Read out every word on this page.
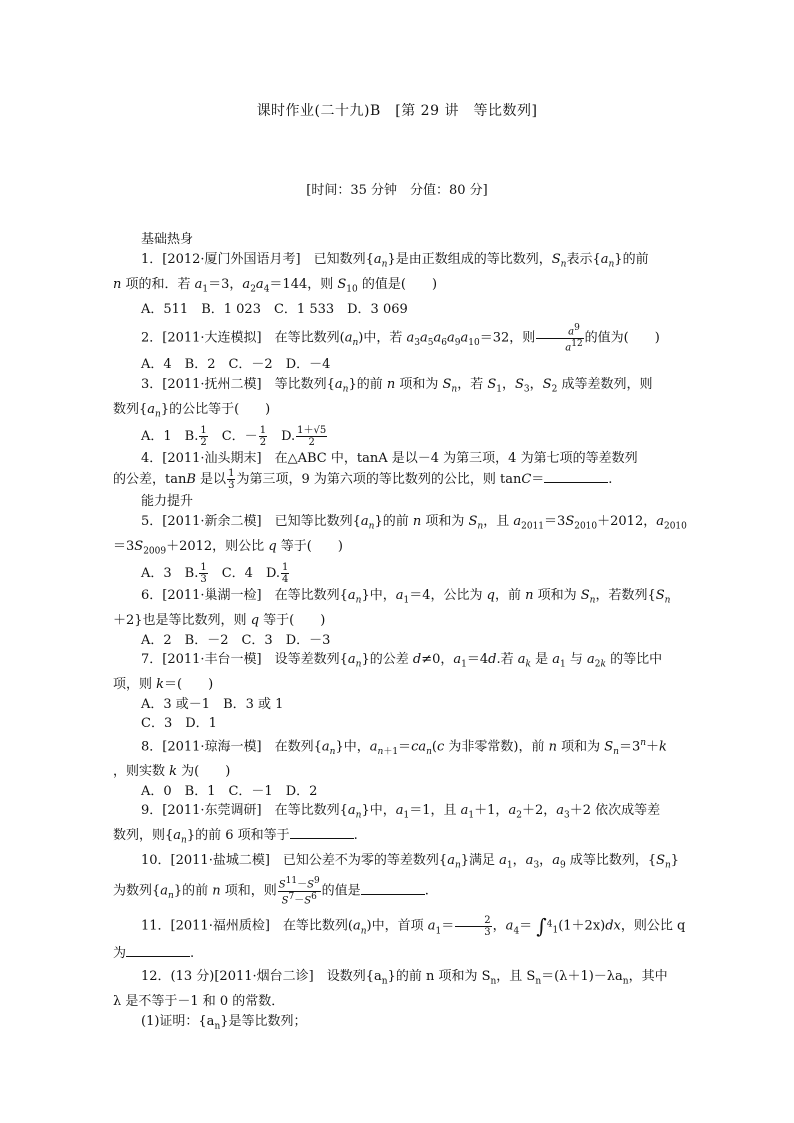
课时作业(二十九)B　[第 29 讲　等比数列]
[时间：35 分钟　分值：80 分]
基础热身
1．[2012·厦门外国语月考]　已知数列$\{a_n\}$是由正数组成的等比数列，$S_n$表示$\{a_n\}$的前
n 项的和．若 $a_1=3$，$a_2a_4=144$，则 $S_{10}$ 的值是(　　)
A．511　B．1 023　C．1 533　D．3 069
2．[2011·大连模拟]　在等比数列$(a_n)$中，若 $a_3a_5a_6a_9a_{10}=32$，则 $\frac{a^9}{a^{12}}$ 的值为(　　)
A．4　B．2　C．－2　D．－4
3．[2011·抚州二模]　等比数列$\{a_n\}$的前 n 项和为 $S_n$，若 $S_1$，$S_3$，$S_2$ 成等差数列，则
数列$\{a_n\}$的公比等于(　　)
A．1　B. $\frac{1}{2}$ 　C．－ $\frac{1}{2}$ 　D. $\frac{1+√5}{2}$
4．[2011·汕头期末]　在△ABC 中，tanA 是以－4 为第三项，4 为第七项的等差数列
的公差，tanB 是以 $\frac{1}{3}$ 为第三项，9 为第六项的等比数列的公比，则 tanC＝	.
能力提升
5．[2011·新余二模]　已知等比数列$\{a_n\}$的前 n 项和为 $S_n$，且 $a_{2011}=3S_{2010}+2012$，$a_{2010}$
$=3S_{2009}+2012$，则公比 q 等于(　　)
A．3　B. $\frac{1}{3}$ 　C．4　D. $\frac{1}{4}$
6．[2011·巢湖一检]　在等比数列$\{a_n\}$中，$a_1=4$，公比为 q，前 n 项和为 $S_n$，若数列{$S_n$
＋2}也是等比数列，则 q 等于(　　)
A．2　B．－2　C．3　D．－3
7．[2011·丰台一模]　设等差数列$\{a_n\}$的公差 d≠0，$a_1=4d$.若 $a_k$ 是 $a_1$ 与 $a_{2k}$ 的等比中
项，则 k＝(　　)
A．3 或－1　B．3 或 1
C．3　D．1
8．[2011·琼海一模]　在数列$\{a_n\}$中，$a_{n+1}=ca_n(c$ 为非零常数)，前 n 项和为 $S_n=3^n+k$
，则实数 k 为(　　)
A．0　B．1　C．－1　D．2
9．[2011·东莞调研]　在等比数列$\{a_n\}$中，$a_1=1$，且 $a_1+1$，$a_2+2$，$a_3+2$ 依次成等差
数列，则$\{a_n\}$的前 6 项和等于	.
10．[2011·盐城二模]　已知公差不为零的等差数列$\{a_n\}$满足 $a_1$，$a_3$，$a_9$ 成等比数列，$\{S_n\}$
为数列$\{a_n\}$的前 n 项和，则 $\frac{S^{11}-S^9}{S^7-S^6}$ 的值是	.
11．[2011·福州质检]　在等比数列$(a_n)$中，首项 $a_1= \frac{2}{3}$ ，$a_4= \int^4_1(1+2x)dx$，则公比 q
为	.
12．(13 分)[2011·烟台二诊]　设数列$\{a_n\}$的前 n 项和为 $S_n$，且 $S_n=(\lambda+1)-\lambda a_n$，其中
λ 是不等于－1 和 0 的常数．
(1)证明：$\{a_n\}$是等比数列；
